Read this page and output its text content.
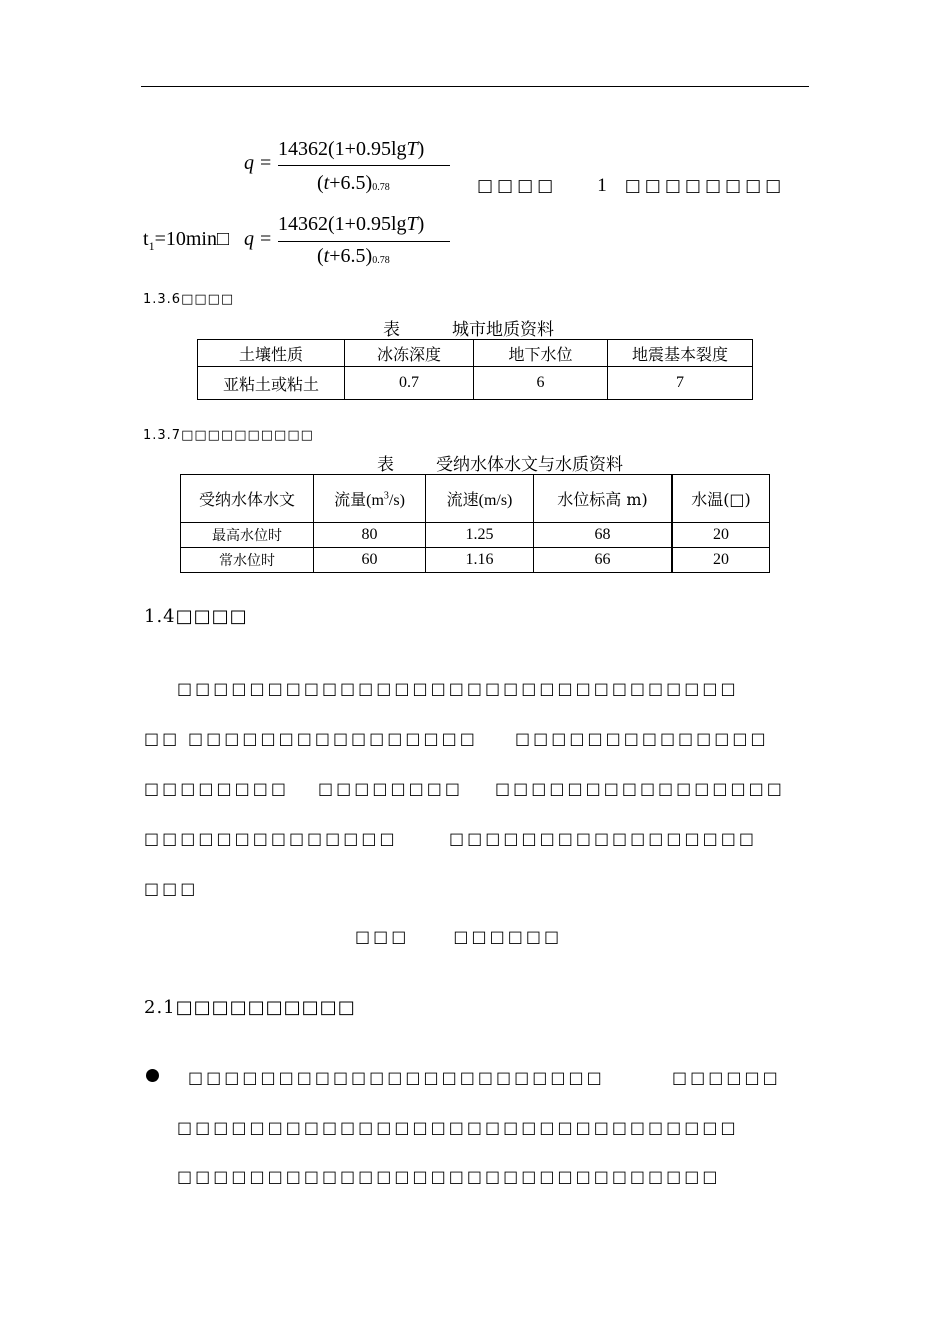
q =
14362(1+0.95lgT)
(t+6.5)0.78	□□□□ 1 □□□□□□□□
$t_1=10\min□$ q =
14362(1+0.95lgT)
(t+6.5)0.78
1.3.6□□□□
表	城市地质资料
土壤性质	冰冻深度	地下水位	地震基本裂度
亚粘土或粘土	0.7	6	7
1.3.7□□□□□□□□□□
表 受纳水体水文与水质资料
受纳水体水文	流量$(m^3/s)$	流速(m/s)	水位标高 m)	水温(□)
最高水位时	80	1.25	68	20
常水位时	60	1.16	66	20
1.4□□□□
□□□□□□□□□□□□□□□□□□□□□□□□□□□□□□□
□□ □□□□□□□□□□□□□□□□ □□□□□□□□□□□□□□
□□□□□□□□ □□□□□□□□ □□□□□□□□□□□□□□□□
□□□□□□□□□□□□□□	□□□□□□□□□□□□□□□□□
□□□
□□□	□□□□□□
2.1□□□□□□□□□□
□□□□□□□□□□□□□□□□□□□□□□□	□□□□□□
□□□□□□□□□□□□□□□□□□□□□□□□□□□□□□□
□□□□□□□□□□□□□□□□□□□□□□□□□□□□□□
